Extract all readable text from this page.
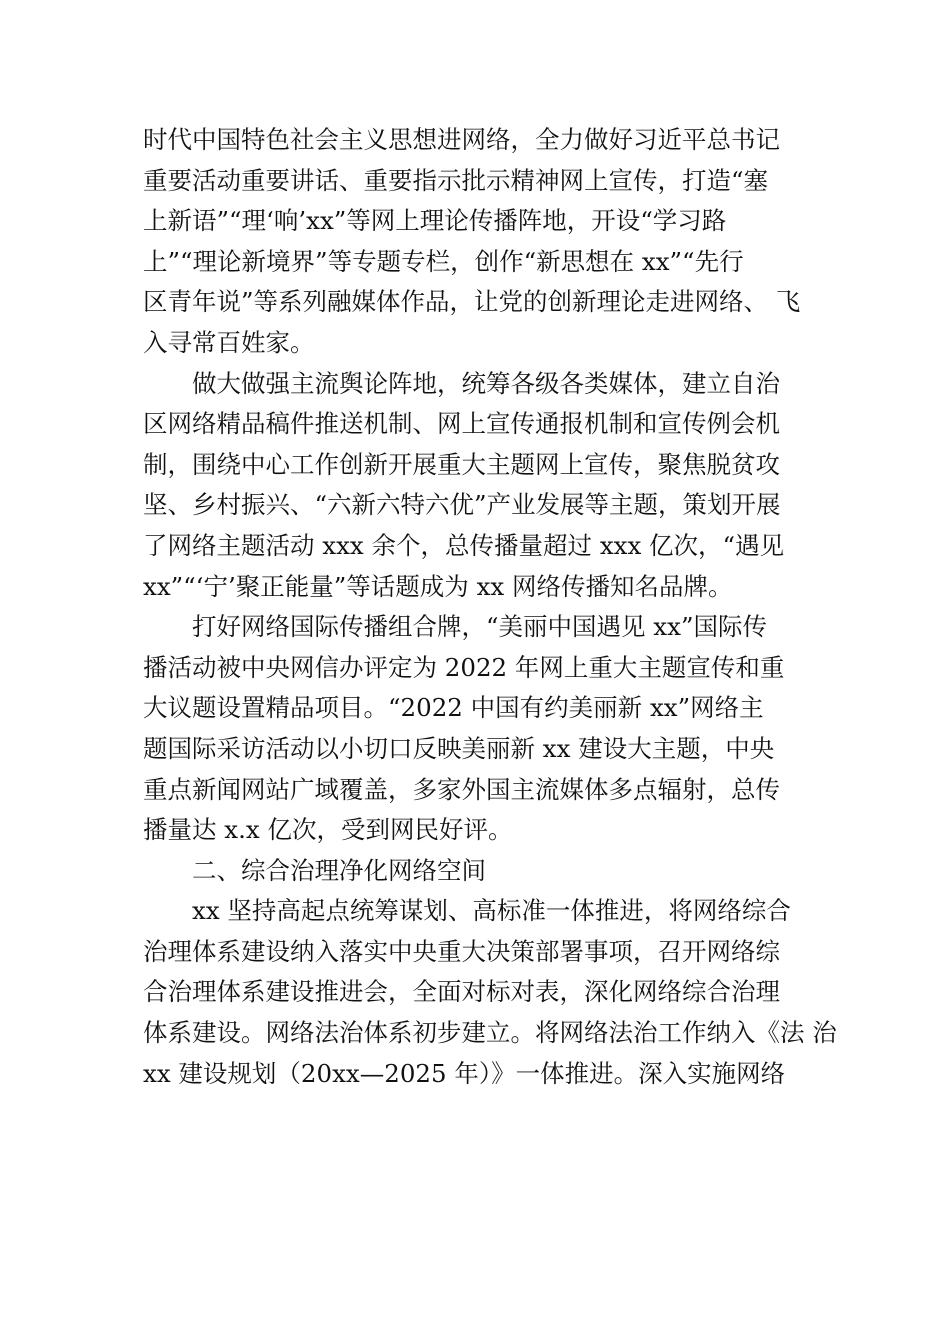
时代中国特色社会主义思想进网络，全力做好习近平总书记
重要活动重要讲话、重要指示批示精神网上宣传，打造“塞
上新语”“理‘响’xx”等网上理论传播阵地，开设“学习路
上”“理论新境界”等专题专栏，创作“新思想在 xx”“先行
区青年说”等系列融媒体作品，让党的创新理论走进网络、 飞
入寻常百姓家。
做大做强主流舆论阵地，统筹各级各类媒体，建立自治
区网络精品稿件推送机制、网上宣传通报机制和宣传例会机
制，围绕中心工作创新开展重大主题网上宣传，聚焦脱贫攻
坚、乡村振兴、“六新六特六优”产业发展等主题，策划开展
了网络主题活动 xxx 余个，总传播量超过 xxx 亿次，“遇见
xx”“‘宁’聚正能量”等话题成为 xx 网络传播知名品牌。
打好网络国际传播组合牌，“美丽中国遇见 xx”国际传
播活动被中央网信办评定为 2022 年网上重大主题宣传和重
大议题设置精品项目。“2022 中国有约美丽新 xx”网络主
题国际采访活动以小切口反映美丽新 xx 建设大主题，中央
重点新闻网站广域覆盖，多家外国主流媒体多点辐射，总传
播量达 x.x 亿次，受到网民好评。
二、综合治理净化网络空间
xx 坚持高起点统筹谋划、高标准一体推进，将网络综合
治理体系建设纳入落实中央重大决策部署事项，召开网络综
合治理体系建设推进会，全面对标对表，深化网络综合治理
体系建设。网络法治体系初步建立。将网络法治工作纳入《法 治
xx 建设规划（20xx—2025 年）》一体推进。深入实施网络
